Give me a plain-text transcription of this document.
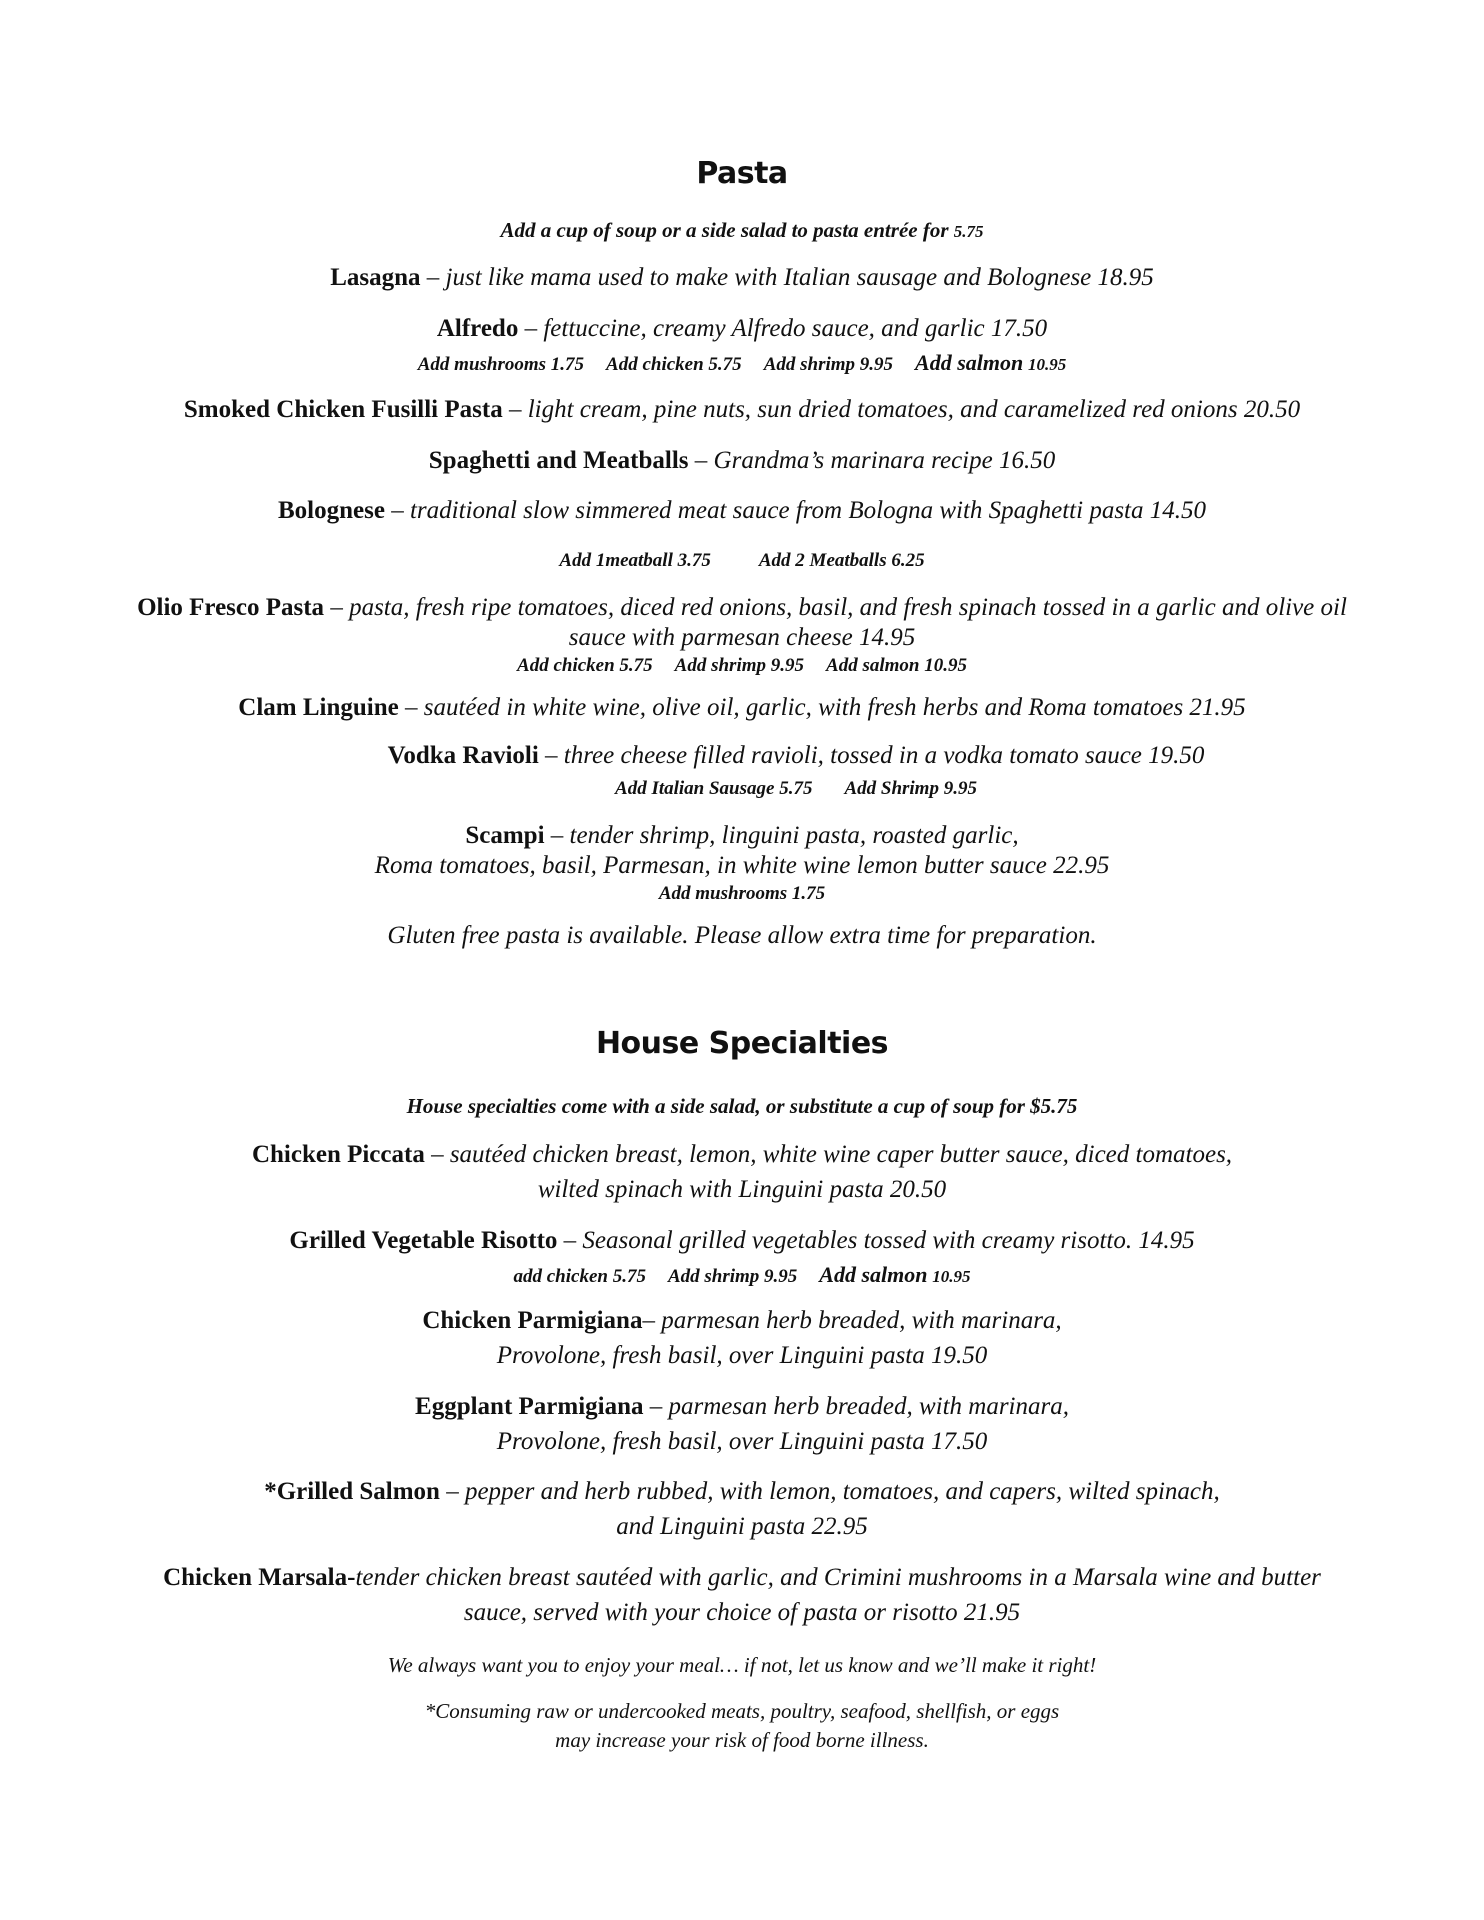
Pasta
Add a cup of soup or a side salad to pasta entrée for 5.75
Lasagna – just like mama used to make with Italian sausage and Bolognese 18.95
Alfredo – fettuccine, creamy Alfredo sauce, and garlic 17.50
Add mushrooms 1.75 Add chicken 5.75 Add shrimp 9.95 Add salmon 10.95
Smoked Chicken Fusilli Pasta – light cream, pine nuts, sun dried tomatoes, and caramelized red onions 20.50
Spaghetti and Meatballs – Grandma’s marinara recipe 16.50
Bolognese – traditional slow simmered meat sauce from Bologna with Spaghetti pasta 14.50
Add 1meatball 3.75	Add 2 Meatballs 6.25
Olio Fresco Pasta – pasta, fresh ripe tomatoes, diced red onions, basil, and fresh spinach tossed in a garlic and olive oil
sauce with parmesan cheese 14.95
Add chicken 5.75 Add shrimp 9.95 Add salmon 10.95
Clam Linguine – sautéed in white wine, olive oil, garlic, with fresh herbs and Roma tomatoes 21.95
Vodka Ravioli – three cheese filled ravioli, tossed in a vodka tomato sauce 19.50
Add Italian Sausage 5.75 Add Shrimp 9.95
Scampi – tender shrimp, linguini pasta, roasted garlic,
Roma tomatoes, basil, Parmesan, in white wine lemon butter sauce 22.95
Add mushrooms 1.75
Gluten free pasta is available. Please allow extra time for preparation.
House Specialties
House specialties come with a side salad, or substitute a cup of soup for $5.75
Chicken Piccata – sautéed chicken breast, lemon, white wine caper butter sauce, diced tomatoes,
wilted spinach with Linguini pasta 20.50
Grilled Vegetable Risotto – Seasonal grilled vegetables tossed with creamy risotto. 14.95
add chicken 5.75 Add shrimp 9.95 Add salmon 10.95
Chicken Parmigiana– parmesan herb breaded, with marinara,
Provolone, fresh basil, over Linguini pasta 19.50
Eggplant Parmigiana – parmesan herb breaded, with marinara,
Provolone, fresh basil, over Linguini pasta 17.50
*Grilled Salmon – pepper and herb rubbed, with lemon, tomatoes, and capers, wilted spinach,
and Linguini pasta 22.95
Chicken Marsala-tender chicken breast sautéed with garlic, and Crimini mushrooms in a Marsala wine and butter
sauce, served with your choice of pasta or risotto 21.95
We always want you to enjoy your meal… if not, let us know and we’ll make it right!
*Consuming raw or undercooked meats, poultry, seafood, shellfish, or eggs
may increase your risk of food borne illness.
